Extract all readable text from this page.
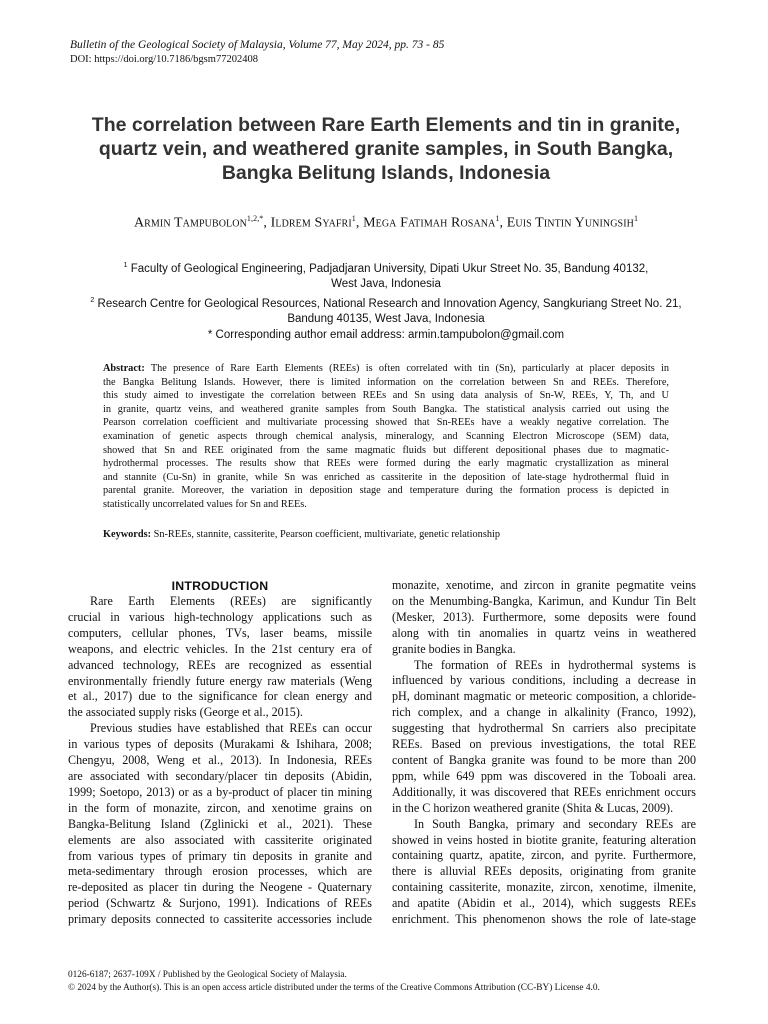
Bulletin of the Geological Society of Malaysia, Volume 77, May 2024, pp. 73 - 85
DOI: https://doi.org/10.7186/bgsm77202408
The correlation between Rare Earth Elements and tin in granite,
quartz vein, and weathered granite samples, in South Bangka,
Bangka Belitung Islands, Indonesia
Armin Tampubolon$^{1,2,*}$, Ildrem Syafri$^1$, Mega Fatimah Rosana$^1$, Euis Tintin Yuningsih$^1$
$^1$ Faculty of Geological Engineering, Padjadjaran University, Dipati Ukur Street No. 35, Bandung 40132,
West Java, Indonesia
$^2$ Research Centre for Geological Resources, National Research and Innovation Agency, Sangkuriang Street No. 21,
Bandung 40135, West Java, Indonesia
* Corresponding author email address: armin.tampubolon@gmail.com
Abstract: The presence of Rare Earth Elements (REEs) is often correlated with tin (Sn), particularly at placer deposits in
the Bangka Belitung Islands. However, there is limited information on the correlation between Sn and REEs. Therefore,
this study aimed to investigate the correlation between REEs and Sn using data analysis of Sn-W, REEs, Y, Th, and U
in granite, quartz veins, and weathered granite samples from South Bangka. The statistical analysis carried out using the
Pearson correlation coefficient and multivariate processing showed that Sn-REEs have a weakly negative correlation. The
examination of genetic aspects through chemical analysis, mineralogy, and Scanning Electron Microscope (SEM) data,
showed that Sn and REE originated from the same magmatic fluids but different depositional phases due to magmatic-
hydrothermal processes. The results show that REEs were formed during the early magmatic crystallization as mineral
and stannite (Cu-Sn) in granite, while Sn was enriched as cassiterite in the deposition of late-stage hydrothermal fluid in
parental granite. Moreover, the variation in deposition stage and temperature during the formation process is depicted in
statistically uncorrelated values for Sn and REEs.
Keywords: Sn-REEs, stannite, cassiterite, Pearson coefficient, multivariate, genetic relationship
INTRODUCTION
Rare Earth Elements (REEs) are significantly
crucial in various high-technology applications such as
computers, cellular phones, TVs, laser beams, missile
weapons, and electric vehicles. In the 21st century era of
advanced technology, REEs are recognized as essential
environmentally friendly future energy raw materials (Weng
et al., 2017) due to the significance for clean energy and
the associated supply risks (George et al., 2015).
Previous studies have established that REEs can occur
in various types of deposits (Murakami & Ishihara, 2008;
Chengyu, 2008, Weng et al., 2013). In Indonesia, REEs
are associated with secondary/placer tin deposits (Abidin,
1999; Soetopo, 2013) or as a by-product of placer tin mining
in the form of monazite, zircon, and xenotime grains on
Bangka-Belitung Island (Zglinicki et al., 2021). These
elements are also associated with cassiterite originated
from various types of primary tin deposits in granite and
meta-sedimentary through erosion processes, which are
re-deposited as placer tin during the Neogene - Quaternary
period (Schwartz & Surjono, 1991). Indications of REEs
primary deposits connected to cassiterite accessories include
monazite, xenotime, and zircon in granite pegmatite veins
on the Menumbing-Bangka, Karimun, and Kundur Tin Belt
(Mesker, 2013). Furthermore, some deposits were found
along with tin anomalies in quartz veins in weathered
granite bodies in Bangka.
The formation of REEs in hydrothermal systems is
influenced by various conditions, including a decrease in
pH, dominant magmatic or meteoric composition, a chloride-
rich complex, and a change in alkalinity (Franco, 1992),
suggesting that hydrothermal Sn carriers also precipitate
REEs. Based on previous investigations, the total REE
content of Bangka granite was found to be more than 200
ppm, while 649 ppm was discovered in the Toboali area.
Additionally, it was discovered that REEs enrichment occurs
in the C horizon weathered granite (Shita & Lucas, 2009).
In South Bangka, primary and secondary REEs are
showed in veins hosted in biotite granite, featuring alteration
containing quartz, apatite, zircon, and pyrite. Furthermore,
there is alluvial REEs deposits, originating from granite
containing cassiterite, monazite, zircon, xenotime, ilmenite,
and apatite (Abidin et al., 2014), which suggests REEs
enrichment. This phenomenon shows the role of late-stage
0126-6187; 2637-109X / Published by the Geological Society of Malaysia.
© 2024 by the Author(s). This is an open access article distributed under the terms of the Creative Commons Attribution (CC-BY) License 4.0.
